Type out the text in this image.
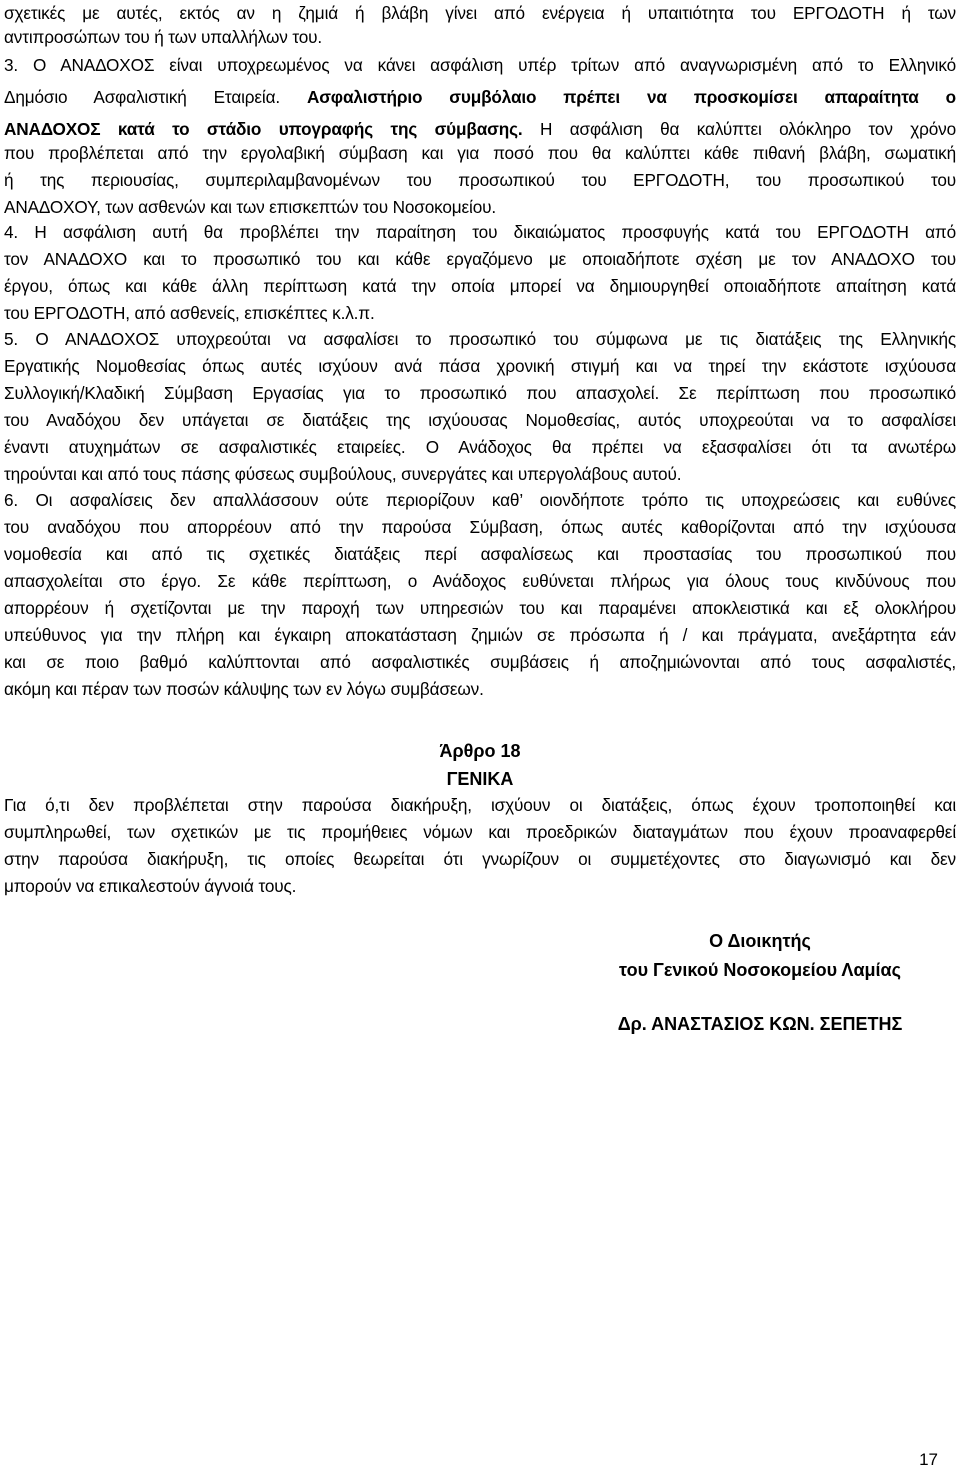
σχετικές με αυτές, εκτός αν η ζημιά ή βλάβη γίνει από ενέργεια ή υπαιτιότητα του ΕΡΓΟΔΟΤΗ ή των
αντιπροσώπων του ή των υπαλλήλων του.
που προβλέπεται από την εργολαβική σύμβαση και για ποσό που θα καλύπτει κάθε πιθανή βλάβη, σωματική
ή της περιουσίας, συμπεριλαμβανομένων του προσωπικού του ΕΡΓΟΔΟΤΗ, του προσωπικού του
ΑΝΑΔΟΧΟΥ, των ασθενών και των επισκεπτών του Νοσοκομείου.
4. Η ασφάλιση αυτή θα προβλέπει την παραίτηση του δικαιώματος προσφυγής κατά του ΕΡΓΟΔΟΤΗ από
τον ΑΝΑΔΟΧΟ και το προσωπικό του και κάθε εργαζόμενο με οποιαδήποτε σχέση με τον ΑΝΑΔΟΧΟ του
έργου, όπως και κάθε άλλη περίπτωση κατά την οποία μπορεί να δημιουργηθεί οποιαδήποτε απαίτηση κατά
του ΕΡΓΟΔΟΤΗ, από ασθενείς, επισκέπτες κ.λ.π.
5. Ο ΑΝΑΔΟΧΟΣ υποχρεούται να ασφαλίσει το προσωπικό του σύμφωνα με τις διατάξεις της Ελληνικής
Εργατικής Νομοθεσίας όπως αυτές ισχύουν ανά πάσα χρονική στιγμή και να τηρεί την εκάστοτε ισχύουσα
Συλλογική/Κλαδική Σύμβαση Εργασίας για το προσωπικό που απασχολεί. Σε περίπτωση που προσωπικό
του Αναδόχου δεν υπάγεται σε διατάξεις της ισχύουσας Νομοθεσίας, αυτός υποχρεούται να το ασφαλίσει
έναντι ατυχημάτων σε ασφαλιστικές εταιρείες. Ο Ανάδοχος θα πρέπει να εξασφαλίσει ότι τα ανωτέρω
τηρούνται και από τους πάσης φύσεως συμβούλους, συνεργάτες και υπεργολάβους αυτού.
6. Οι ασφαλίσεις δεν απαλλάσσουν ούτε περιορίζουν καθ’ οιονδήποτε τρόπο τις υποχρεώσεις και ευθύνες
του αναδόχου που απορρέουν από την παρούσα Σύμβαση, όπως αυτές καθορίζονται από την ισχύουσα
νομοθεσία και από τις σχετικές διατάξεις περί ασφαλίσεως και προστασίας του προσωπικού που
απασχολείται στο έργο. Σε κάθε περίπτωση, ο Ανάδοχος ευθύνεται πλήρως για όλους τους κινδύνους που
απορρέουν ή σχετίζονται με την παροχή των υπηρεσιών του και παραμένει αποκλειστικά και εξ ολοκλήρου
υπεύθυνος για την πλήρη και έγκαιρη αποκατάσταση ζημιών σε πρόσωπα ή / και πράγματα, ανεξάρτητα εάν
και σε ποιο βαθμό καλύπτονται από ασφαλιστικές συμβάσεις ή αποζημιώνονται από τους ασφαλιστές,
ακόμη και πέραν των ποσών κάλυψης των εν λόγω συμβάσεων.
Για ό,τι δεν προβλέπεται στην παρούσα διακήρυξη, ισχύουν οι διατάξεις, όπως έχουν τροποποιηθεί και
συμπληρωθεί, των σχετικών με τις προμήθειες νόμων και προεδρικών διαταγμάτων που έχουν προαναφερθεί
στην παρούσα διακήρυξη, τις οποίες θεωρείται ότι γνωρίζουν οι συμμετέχοντες στο διαγωνισμό και δεν
μπορούν να επικαλεστούν άγνοιά τους.
3. Ο ΑΝΑΔΟΧΟΣ είναι υποχρεωμένος να κάνει ασφάλιση υπέρ τρίτων από αναγνωρισμένη από το Ελληνικό
Δημόσιο Ασφαλιστική Εταιρεία. Ασφαλιστήριο συμβόλαιο πρέπει να προσκομίσει απαραίτητα ο
ΑΝΑΔΟΧΟΣ κατά το στάδιο υπογραφής της σύμβασης. Η ασφάλιση θα καλύπτει ολόκληρο τον χρόνο
Άρθρο 18
ΓΕΝΙΚΑ
Ο Διοικητής
του Γενικού Νοσοκομείου Λαμίας
Δρ. ΑΝΑΣΤΑΣΙΟΣ ΚΩΝ. ΣΕΠΕΤΗΣ
17
